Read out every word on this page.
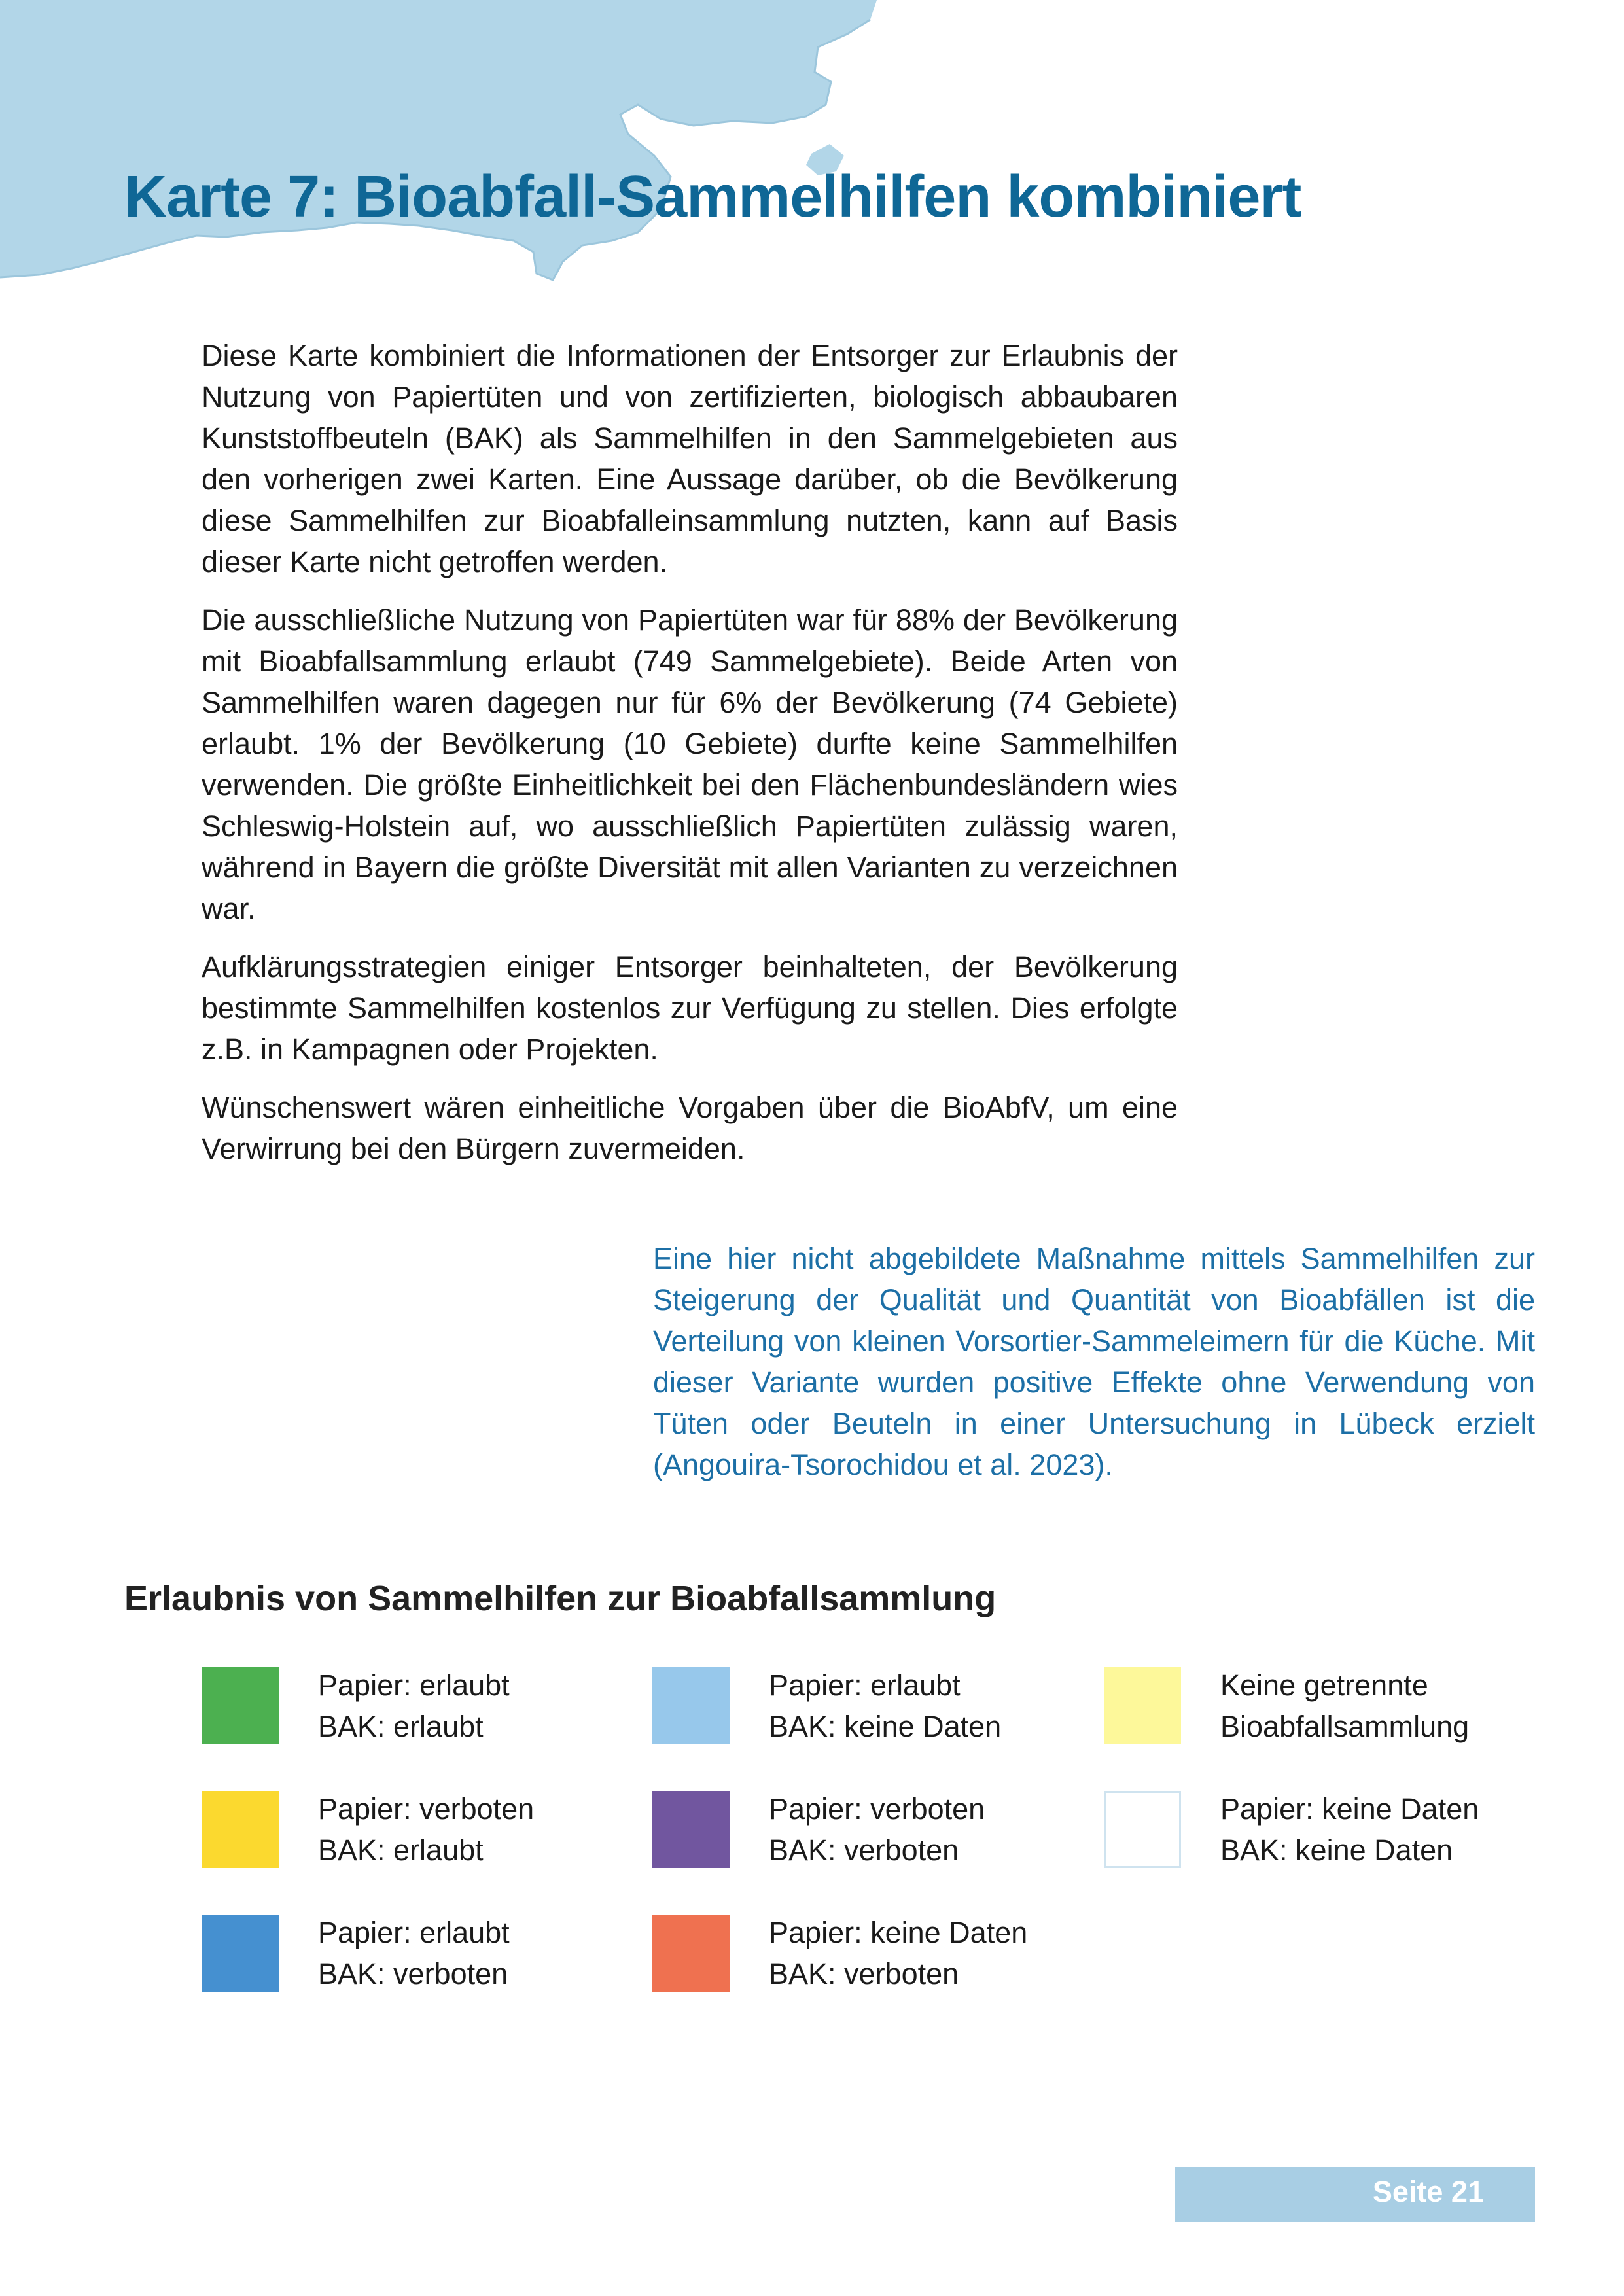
Karte 7: Bioabfall-Sammelhilfen kombiniert

Diese Karte kombiniert die Informationen der Entsorger zur Erlaubnis der Nutzung von Papiertüten und von zertifizierten, biologisch abbaubaren Kunststoffbeuteln (BAK) als Sammelhilfen in den Sammelgebieten aus den vorherigen zwei Karten. Eine Aussage darüber, ob die Bevölkerung diese Sammelhilfen zur Bioabfalleinsammlung nutzten, kann auf Basis dieser Karte nicht getroffen werden.

Die ausschließliche Nutzung von Papiertüten war für 88% der Bevölkerung mit Bioabfallsammlung erlaubt (749 Sammelgebiete). Beide Arten von Sammelhilfen waren dagegen nur für 6% der Bevölkerung (74 Gebiete) erlaubt. 1% der Bevölkerung (10 Gebiete) durfte keine Sammelhilfen verwenden. Die größte Einheitlichkeit bei den Flächenbundesländern wies Schleswig-Holstein auf, wo ausschließlich Papiertüten zulässig waren, während in Bayern die größte Diversität mit allen Varianten zu verzeichnen war.

Aufklärungsstrategien einiger Entsorger beinhalteten, der Bevölkerung bestimmte Sammelhilfen kostenlos zur Verfügung zu stellen. Dies erfolgte z.B. in Kampagnen oder Projekten.

Wünschenswert wären einheitliche Vorgaben über die BioAbfV, um eine Verwirrung bei den Bürgern zuvermeiden.

Eine hier nicht abgebildete Maßnahme mittels Sammelhilfen zur Steigerung der Qualität und Quantität von Bioabfällen ist die Verteilung von kleinen Vorsortier-Sammeleimern für die Küche. Mit dieser Variante wurden positive Effekte ohne Verwendung von Tüten oder Beuteln in einer Untersuchung in Lübeck erzielt (Angouira-Tsorochidou et al. 2023).

Erlaubnis von Sammelhilfen zur Bioabfallsammlung
Papier: erlaubt
BAK: erlaubt
Papier: verboten
BAK: erlaubt
Papier: erlaubt
BAK: verboten
Papier: erlaubt
BAK: keine Daten
Papier: verboten
BAK: verboten
Papier: keine Daten
BAK: verboten
Keine getrennte
Bioabfallsammlung
Papier: keine Daten
BAK: keine Daten
Seite 21
